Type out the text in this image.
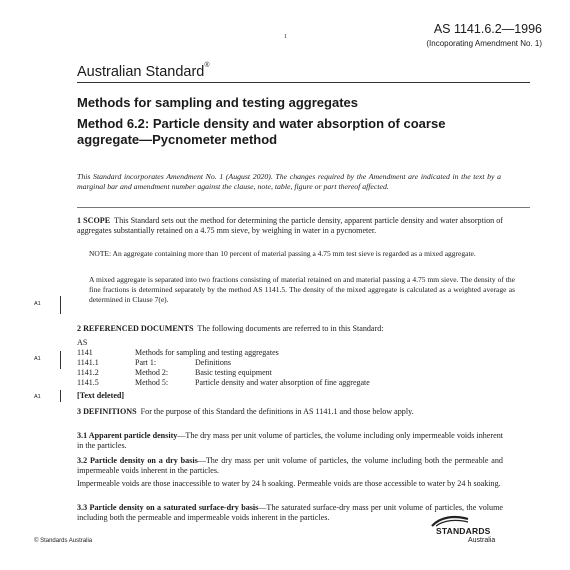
1
AS 1141.6.2—1996
(Incoporating Amendment No. 1)
Australian Standard®
Methods for sampling and testing aggregates
Method 6.2: Particle density and water absorption of coarse aggregate—Pycnometer method
This Standard incorporates Amendment No. 1 (August 2020). The changes required by the Amendment are indicated in the text by a marginal bar and amendment number against the clause, note, table, figure or part thereof affected.
1 SCOPE This Standard sets out the method for determining the particle density, apparent particle density and water absorption of aggregates substantially retained on a 4.75 mm sieve, by weighing in water in a pycnometer.
NOTE: An aggregate containing more than 10 percent of material passing a 4.75 mm test sieve is regarded as a mixed aggregate.
A mixed aggregate is separated into two fractions consisting of material retained on and material passing a 4.75 mm sieve. The density of the fine fractions is determined separately by the method AS 1141.5. The density of the mixed aggregate is calculated as a weighted average as determined in Clause 7(e).
A1
2 REFERENCED DOCUMENTS The following documents are referred to in this Standard:
AS
1141	Methods for sampling and testing aggregates	
1141.1	Part 1:	Definitions
1141.2	Method 2:	Basic testing equipment
1141.5	Method 5:	Particle density and water absorption of fine aggregate
A1
A1	[Text deleted]
3 DEFINITIONS For the purpose of this Standard the definitions in AS 1141.1 and those below apply.
3.1 Apparent particle density—The dry mass per unit volume of particles, the volume including only impermeable voids inherent in the particles.
3.2 Particle density on a dry basis—The dry mass per unit volume of particles, the volume including both the permeable and impermeable voids inherent in the particles.
Impermeable voids are those inaccessible to water by 24 h soaking. Permeable voids are those accessible to water by 24 h soaking.
3.3 Particle density on a saturated surface-dry basis—The saturated surface-dry mass per unit volume of particles, the volume including both the permeable and impermeable voids inherent in the particles.
© Standards Australia
STANDARDS
Australia
